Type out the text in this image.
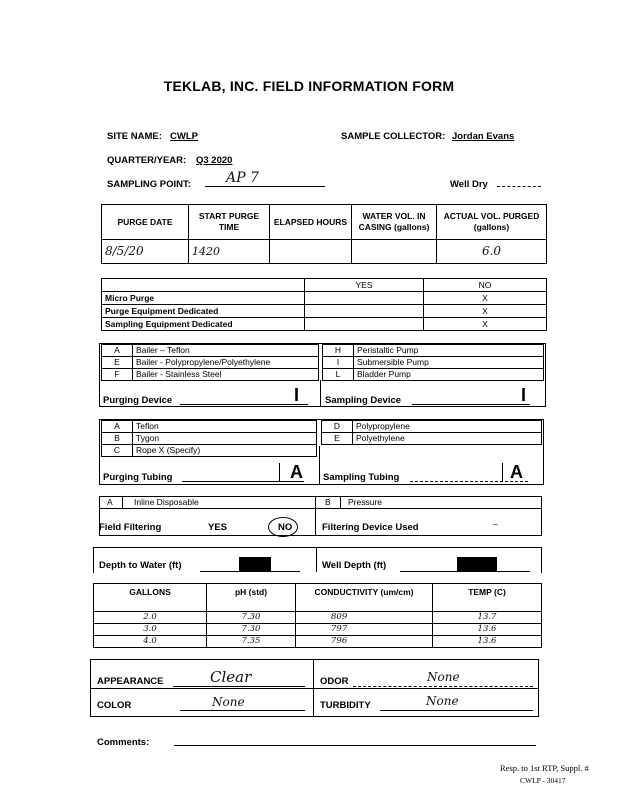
TEKLAB, INC. FIELD INFORMATION FORM
SITE NAME: CWLP	SAMPLE COLLECTOR: Jordan Evans
QUARTER/YEAR: Q3 2020
SAMPLING POINT:	AP 7	Well Dry
PURGE DATE	START PURGE TIME	ELAPSED HOURS	WATER VOL. IN CASING (gallons)	ACTUAL VOL. PURGED (gallons)
8/5/20	1420			6.0
	YES	NO
Micro Purge		X
Purge Equipment Dedicated		X
Sampling Equipment Dedicated		X
A	Bailer – Teflon
E	Bailer - Polypropylene/Polyethylene
F	Bailer - Stainless Steel
H	Peristaltic Pump
I	Submersible Pump
L	Bladder Pump
Purging Device	I	Sampling Device	I
A	Teflon
B	Tygon
C	Rope X (Specify)
D	Polypropylene
E	Polyethylene
Purging Tubing	A Sampling Tubing	A
A	Inline Disposable	B Pressure
Field Filtering	YES	NO	Filtering Device Used	–
Depth to Water (ft)	Well Depth (ft)
GALLONS	pH (std)	CONDUCTIVITY (um/cm)	TEMP (C)
2.0	7.30	809	13.7
3.0	7.30	797	13.6
4.0	7.35	796	13.6
APPEARANCE	Clear	ODOR	None
COLOR	None	TURBIDITY	None
Comments:
Resp. to 1st RTP, Suppl. #
CWLP - 30417
